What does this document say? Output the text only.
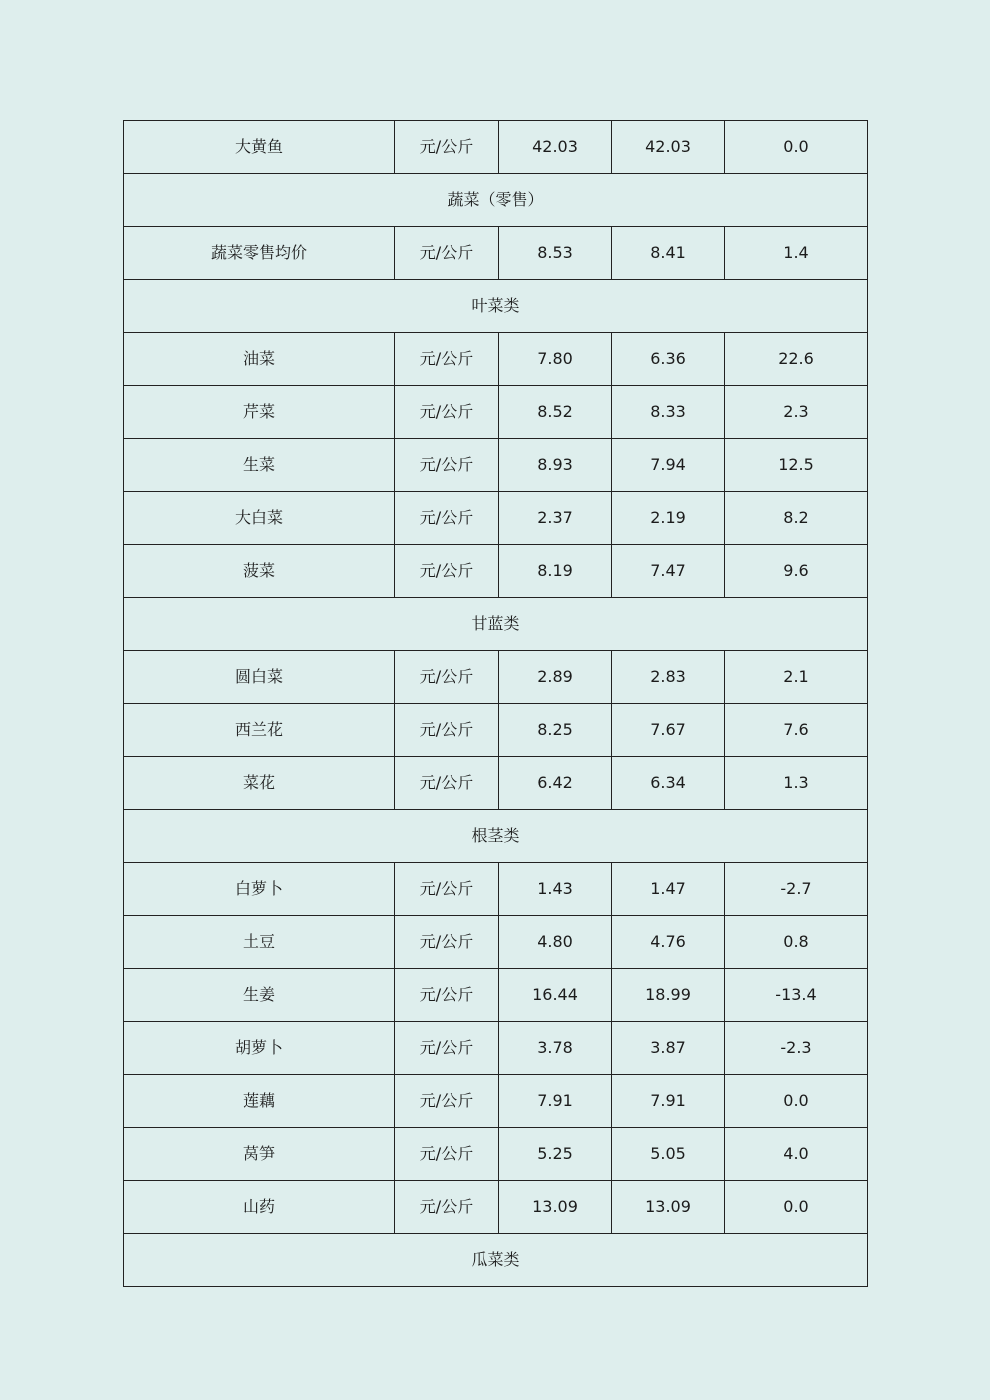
大黄鱼	元/公斤	42.03	42.03	0.0
蔬菜（零售）				
蔬菜零售均价	元/公斤	8.53	8.41	1.4
叶菜类				
油菜	元/公斤	7.80	6.36	22.6
芹菜	元/公斤	8.52	8.33	2.3
生菜	元/公斤	8.93	7.94	12.5
大白菜	元/公斤	2.37	2.19	8.2
菠菜	元/公斤	8.19	7.47	9.6
甘蓝类				
圆白菜	元/公斤	2.89	2.83	2.1
西兰花	元/公斤	8.25	7.67	7.6
菜花	元/公斤	6.42	6.34	1.3
根茎类				
白萝卜	元/公斤	1.43	1.47	-2.7
土豆	元/公斤	4.80	4.76	0.8
生姜	元/公斤	16.44	18.99	-13.4
胡萝卜	元/公斤	3.78	3.87	-2.3
莲藕	元/公斤	7.91	7.91	0.0
莴笋	元/公斤	5.25	5.05	4.0
山药	元/公斤	13.09	13.09	0.0
瓜菜类				
